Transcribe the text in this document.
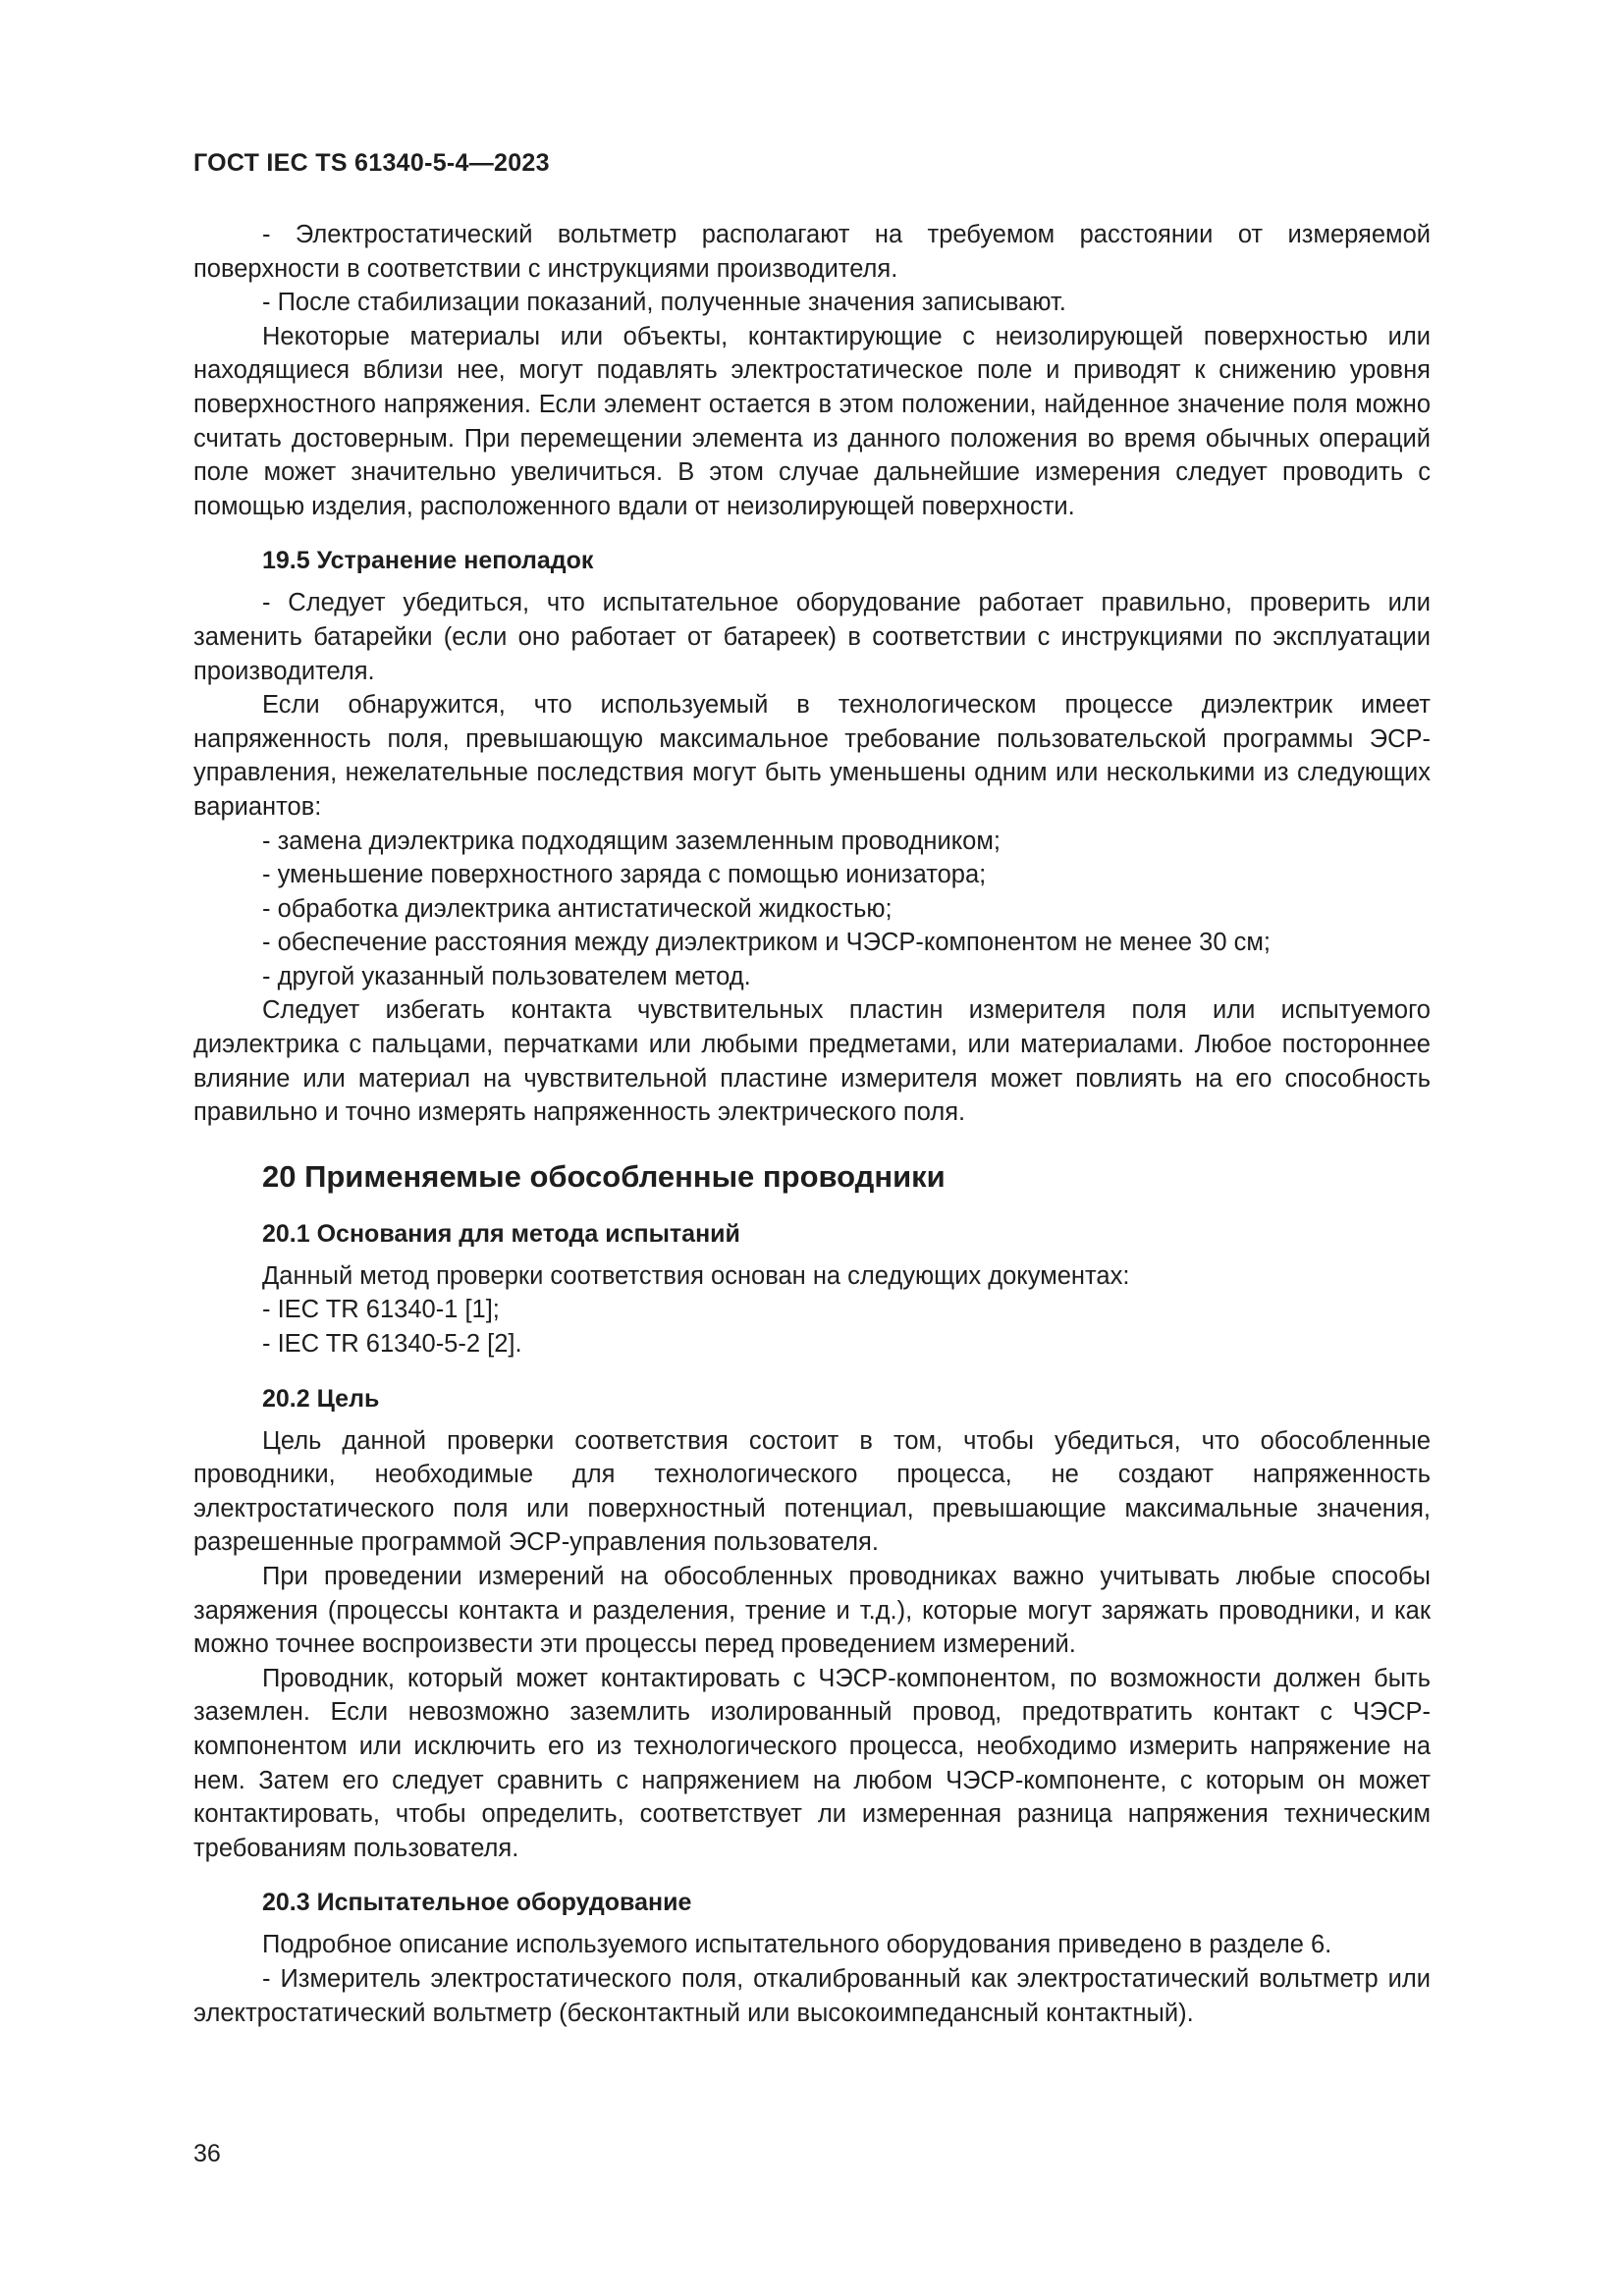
ГОСТ IEC TS 61340-5-4—2023

- Электростатический вольтметр располагают на требуемом расстоянии от измеряемой поверхности в соответствии с инструкциями производителя.

- После стабилизации показаний, полученные значения записывают.

Некоторые материалы или объекты, контактирующие с неизолирующей поверхностью или находящиеся вблизи нее, могут подавлять электростатическое поле и приводят к снижению уровня поверхностного напряжения. Если элемент остается в этом положении, найденное значение поля можно считать достоверным. При перемещении элемента из данного положения во время обычных операций поле может значительно увеличиться. В этом случае дальнейшие измерения следует проводить с помощью изделия, расположенного вдали от неизолирующей поверхности.

19.5 Устранение неполадок

- Следует убедиться, что испытательное оборудование работает правильно, проверить или заменить батарейки (если оно работает от батареек) в соответствии с инструкциями по эксплуатации производителя.

Если обнаружится, что используемый в технологическом процессе диэлектрик имеет напряженность поля, превышающую максимальное требование пользовательской программы ЭСР-управления, нежелательные последствия могут быть уменьшены одним или несколькими из следующих вариантов:

- замена диэлектрика подходящим заземленным проводником;

- уменьшение поверхностного заряда с помощью ионизатора;

- обработка диэлектрика антистатической жидкостью;

- обеспечение расстояния между диэлектриком и ЧЭСР-компонентом не менее 30 см;

- другой указанный пользователем метод.

Следует избегать контакта чувствительных пластин измерителя поля или испытуемого диэлектрика с пальцами, перчатками или любыми предметами, или материалами. Любое постороннее влияние или материал на чувствительной пластине измерителя может повлиять на его способность правильно и точно измерять напряженность электрического поля.

20 Применяемые обособленные проводники
20.1 Основания для метода испытаний

Данный метод проверки соответствия основан на следующих документах:

- IEC TR 61340-1 [1];

- IEC TR 61340-5-2 [2].

20.2 Цель

Цель данной проверки соответствия состоит в том, чтобы убедиться, что обособленные проводники, необходимые для технологического процесса, не создают напряженность электростатического поля или поверхностный потенциал, превышающие максимальные значения, разрешенные программой ЭСР-управления пользователя.

При проведении измерений на обособленных проводниках важно учитывать любые способы заряжения (процессы контакта и разделения, трение и т.д.), которые могут заряжать проводники, и как можно точнее воспроизвести эти процессы перед проведением измерений.

Проводник, который может контактировать с ЧЭСР-компонентом, по возможности должен быть заземлен. Если невозможно заземлить изолированный провод, предотвратить контакт с ЧЭСР-компонентом или исключить его из технологического процесса, необходимо измерить напряжение на нем. Затем его следует сравнить с напряжением на любом ЧЭСР-компоненте, с которым он может контактировать, чтобы определить, соответствует ли измеренная разница напряжения техническим требованиям пользователя.

20.3 Испытательное оборудование

Подробное описание используемого испытательного оборудования приведено в разделе 6.

- Измеритель электростатического поля, откалиброванный как электростатический вольтметр или электростатический вольтметр (бесконтактный или высокоимпедансный контактный).

36
